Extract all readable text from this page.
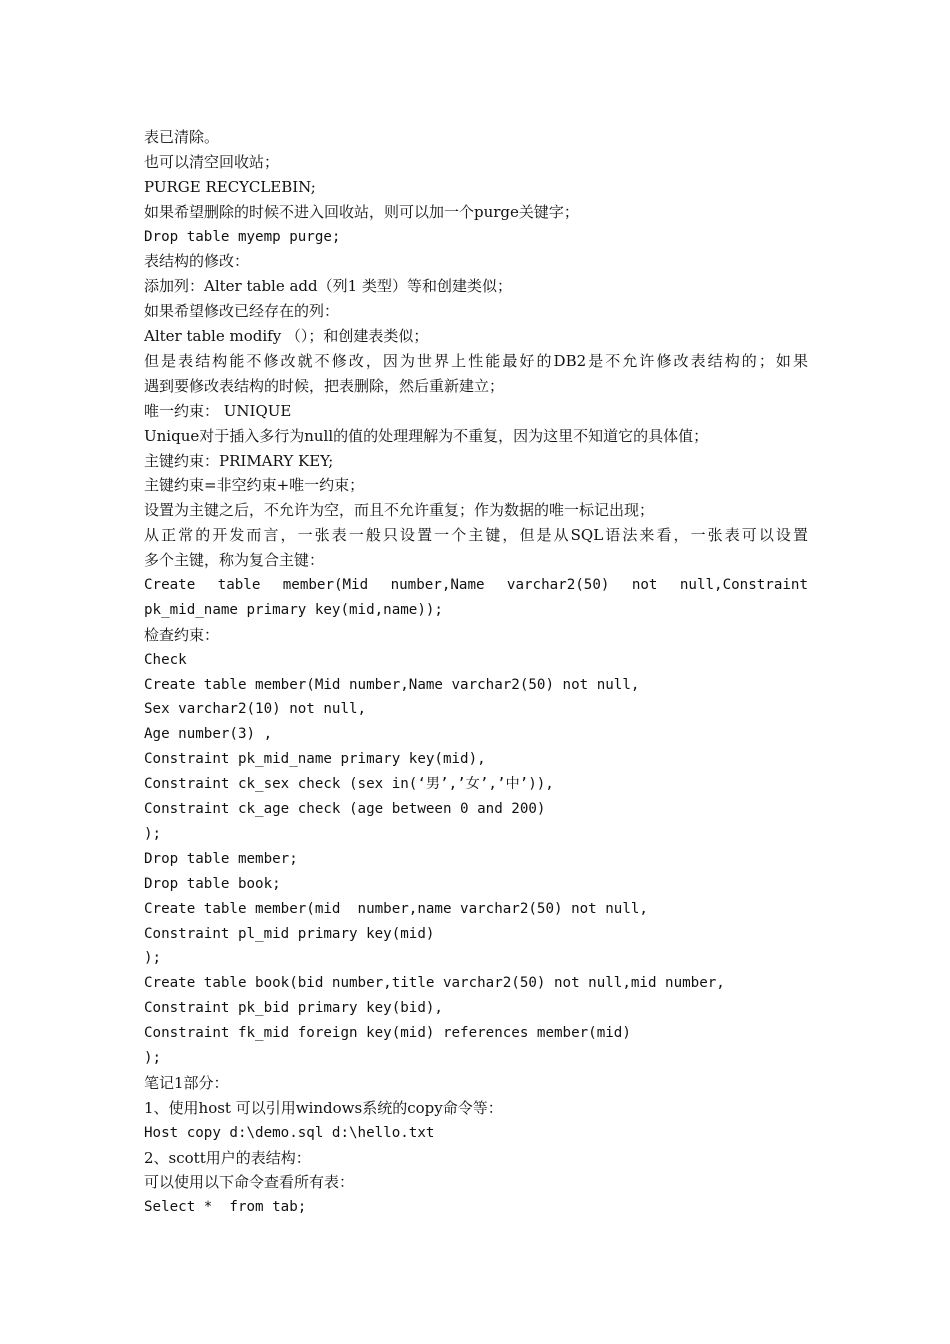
表已清除。
也可以清空回收站；
PURGE RECYCLEBIN;
如果希望删除的时候不进入回收站，则可以加一个purge关键字；
Drop table myemp purge;
表结构的修改：
添加列：Alter table add（列1 类型）等和创建类似；
如果希望修改已经存在的列：
Alter table modify （）；和创建表类似；
但是表结构能不修改就不修改，因为世界上性能最好的DB2是不允许修改表结构的；如果
遇到要修改表结构的时候，把表删除，然后重新建立；
唯一约束： UNIQUE
Unique对于插入多行为null的值的处理理解为不重复，因为这里不知道它的具体值；
主键约束：PRIMARY KEY;
主键约束=非空约束+唯一约束；
设置为主键之后，不允许为空，而且不允许重复；作为数据的唯一标记出现；
从正常的开发而言，一张表一般只设置一个主键，但是从SQL语法来看，一张表可以设置
多个主键，称为复合主键：
Create table member(Mid number,Name varchar2(50) not null,Constraint
pk_mid_name primary key(mid,name));
检查约束：
Check
Create table member(Mid number,Name varchar2(50) not null,
Sex varchar2(10) not null,
Age number(3) ,
Constraint pk_mid_name primary key(mid),
Constraint ck_sex check (sex in(‘男’,’女’,’中’)),
Constraint ck_age check (age between 0 and 200)
);
Drop table member;
Drop table book;
Create table member(mid  number,name varchar2(50) not null,
Constraint pl_mid primary key(mid)
);
Create table book(bid number,title varchar2(50) not null,mid number,
Constraint pk_bid primary key(bid),
Constraint fk_mid foreign key(mid) references member(mid)
);
笔记1部分：
1、使用host 可以引用windows系统的copy命令等：
Host copy d:\demo.sql d:\hello.txt
2、scott用户的表结构：
可以使用以下命令查看所有表：
Select *  from tab;
